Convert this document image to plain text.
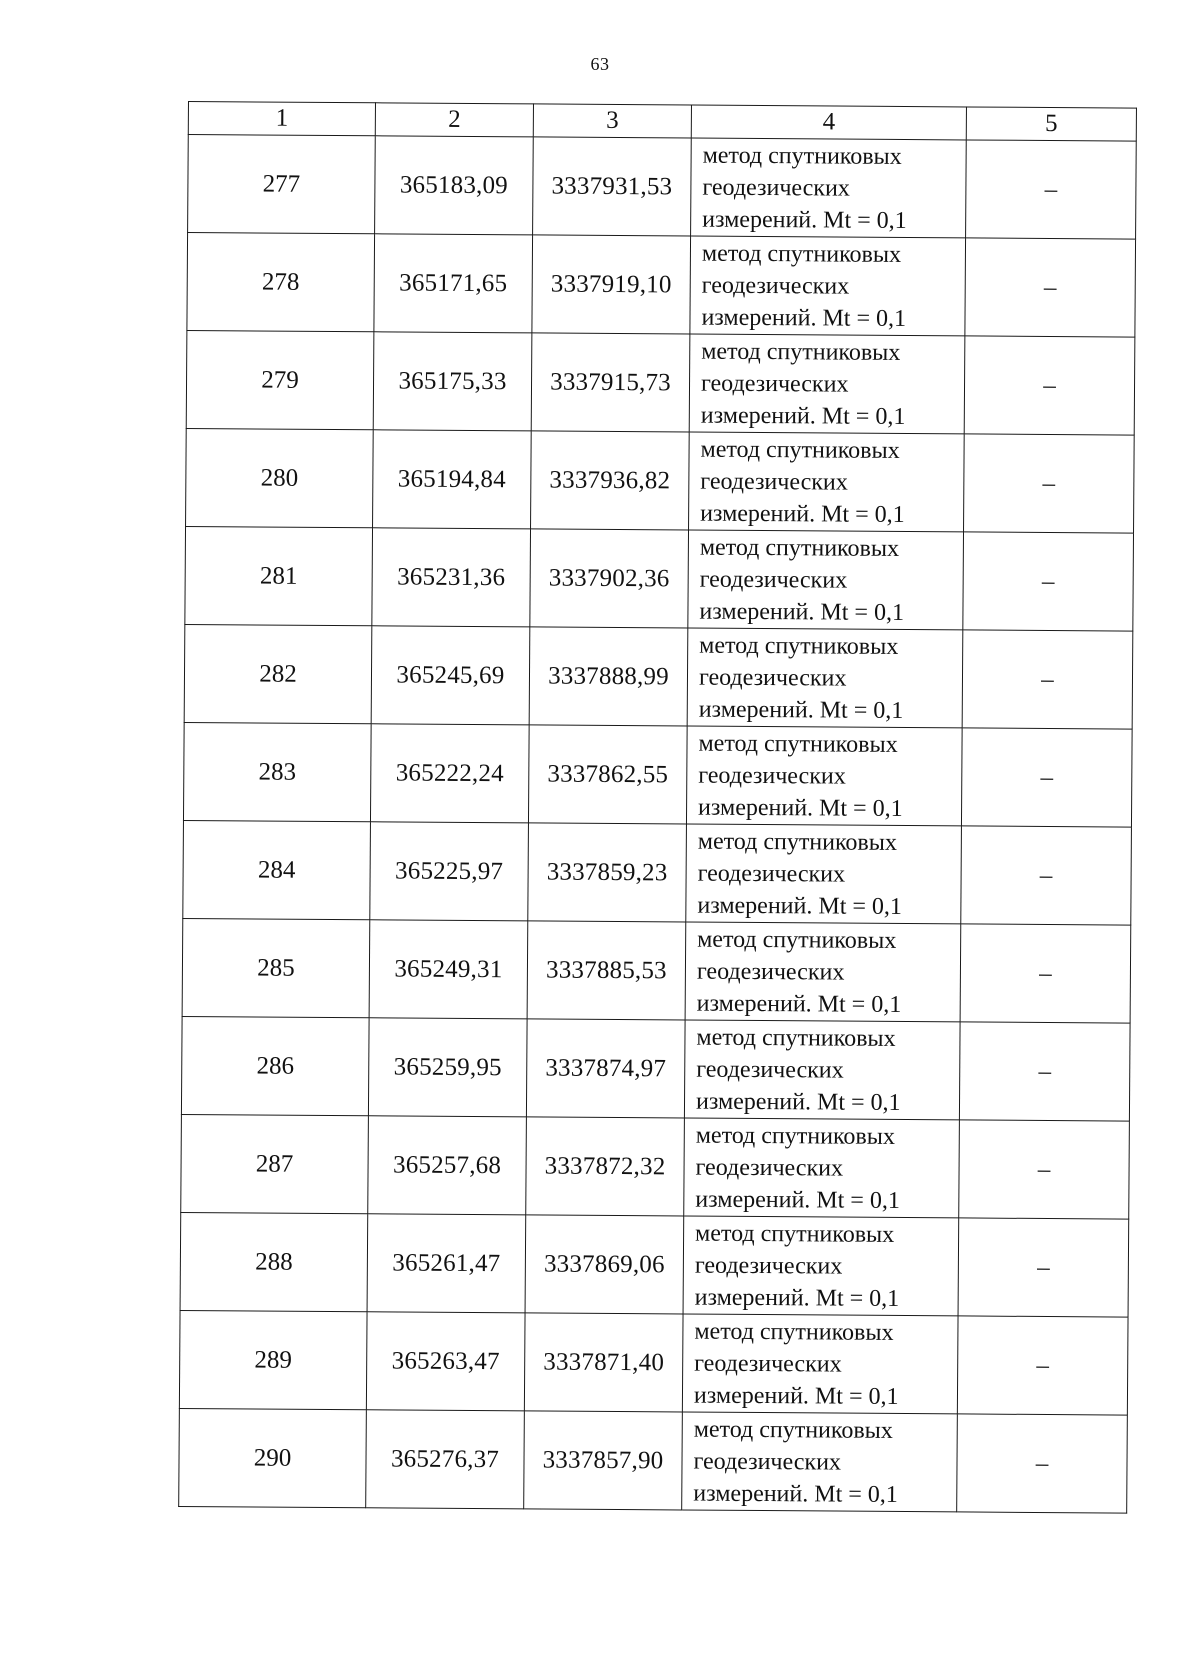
63
1	2	3	4	5
277	365183,09	3337931,53	метод спутниковых
геодезических
измерений. Mt = 0,1	–
278	365171,65	3337919,10	метод спутниковых
геодезических
измерений. Mt = 0,1	–
279	365175,33	3337915,73	метод спутниковых
геодезических
измерений. Mt = 0,1	–
280	365194,84	3337936,82	метод спутниковых
геодезических
измерений. Mt = 0,1	–
281	365231,36	3337902,36	метод спутниковых
геодезических
измерений. Mt = 0,1	–
282	365245,69	3337888,99	метод спутниковых
геодезических
измерений. Mt = 0,1	–
283	365222,24	3337862,55	метод спутниковых
геодезических
измерений. Mt = 0,1	–
284	365225,97	3337859,23	метод спутниковых
геодезических
измерений. Mt = 0,1	–
285	365249,31	3337885,53	метод спутниковых
геодезических
измерений. Mt = 0,1	–
286	365259,95	3337874,97	метод спутниковых
геодезических
измерений. Mt = 0,1	–
287	365257,68	3337872,32	метод спутниковых
геодезических
измерений. Mt = 0,1	–
288	365261,47	3337869,06	метод спутниковых
геодезических
измерений. Mt = 0,1	–
289	365263,47	3337871,40	метод спутниковых
геодезических
измерений. Mt = 0,1	–
290	365276,37	3337857,90	метод спутниковых
геодезических
измерений. Mt = 0,1	–
